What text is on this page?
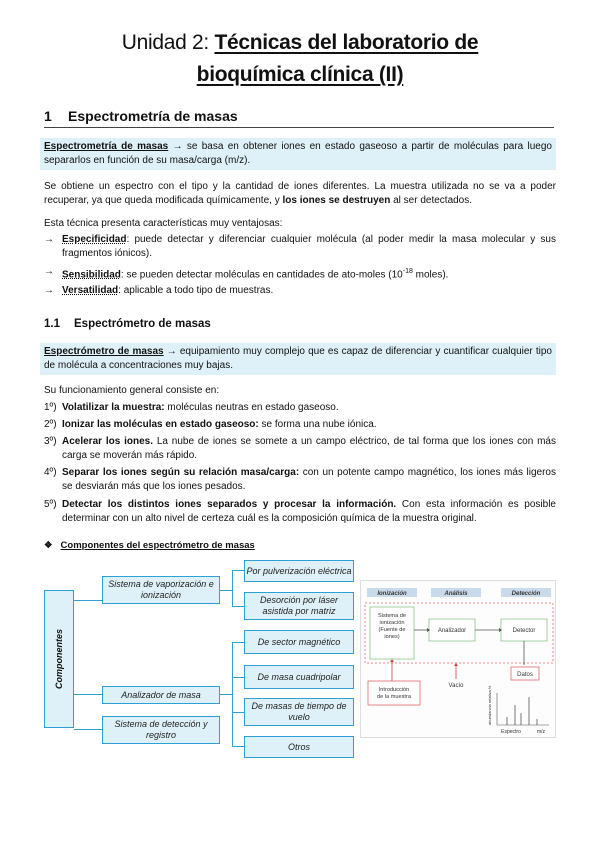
Unidad 2: Técnicas del laboratorio de
bioquímica clínica (II)
1 Espectrometría de masas
Espectrometría de masas → se basa en obtener iones en estado gaseoso a partir de moléculas para luego separarlos en función de su masa/carga (m/z).
Se obtiene un espectro con el tipo y la cantidad de iones diferentes. La muestra utilizada no se va a poder recuperar, ya que queda modificada químicamente, y los iones se destruyen al ser detectados.
Esta técnica presenta características muy ventajosas:
→ Especificidad: puede detectar y diferenciar cualquier molécula (al poder medir la masa molecular y sus fragmentos iónicos).
→ Sensibilidad: se pueden detectar moléculas en cantidades de ato-moles ($10^{-18}$ moles).
→ Versatilidad: aplicable a todo tipo de muestras.
1.1 Espectrómetro de masas
Espectrómetro de masas → equipamiento muy complejo que es capaz de diferenciar y cuantificar cualquier tipo de molécula a concentraciones muy bajas.
Su funcionamiento general consiste en:
1º) Volatilizar la muestra: moléculas neutras en estado gaseoso.
2º) Ionizar las moléculas en estado gaseoso: se forma una nube iónica.
3º) Acelerar los iones. La nube de iones se somete a un campo eléctrico, de tal forma que los iones con más carga se moverán más rápido.
4º) Separar los iones según su relación masa/carga: con un potente campo magnético, los iones más ligeros se desviarán más que los iones pesados.
5º) Detectar los distintos iones separados y procesar la información. Con esta información es posible determinar con un alto nivel de certeza cuál es la composición química de la muestra original.
❖ Componentes del espectrómetro de masas
Componentes
Sistema de vaporización e ionización
Analizador de masa
Sistema de detección y registro
Por pulverización eléctrica
Desorción por láser asistida por matriz
De sector magnético
De masa cuadripolar
De masas de tiempo de vuelo
Otros
Ionización	Análisis	Detección
Sistema de ionización (Fuente de iones)
Analizador	Detector
Datos
Introducción de la muestra
Vacío	abundancia relativa %
Espectro	m/z
